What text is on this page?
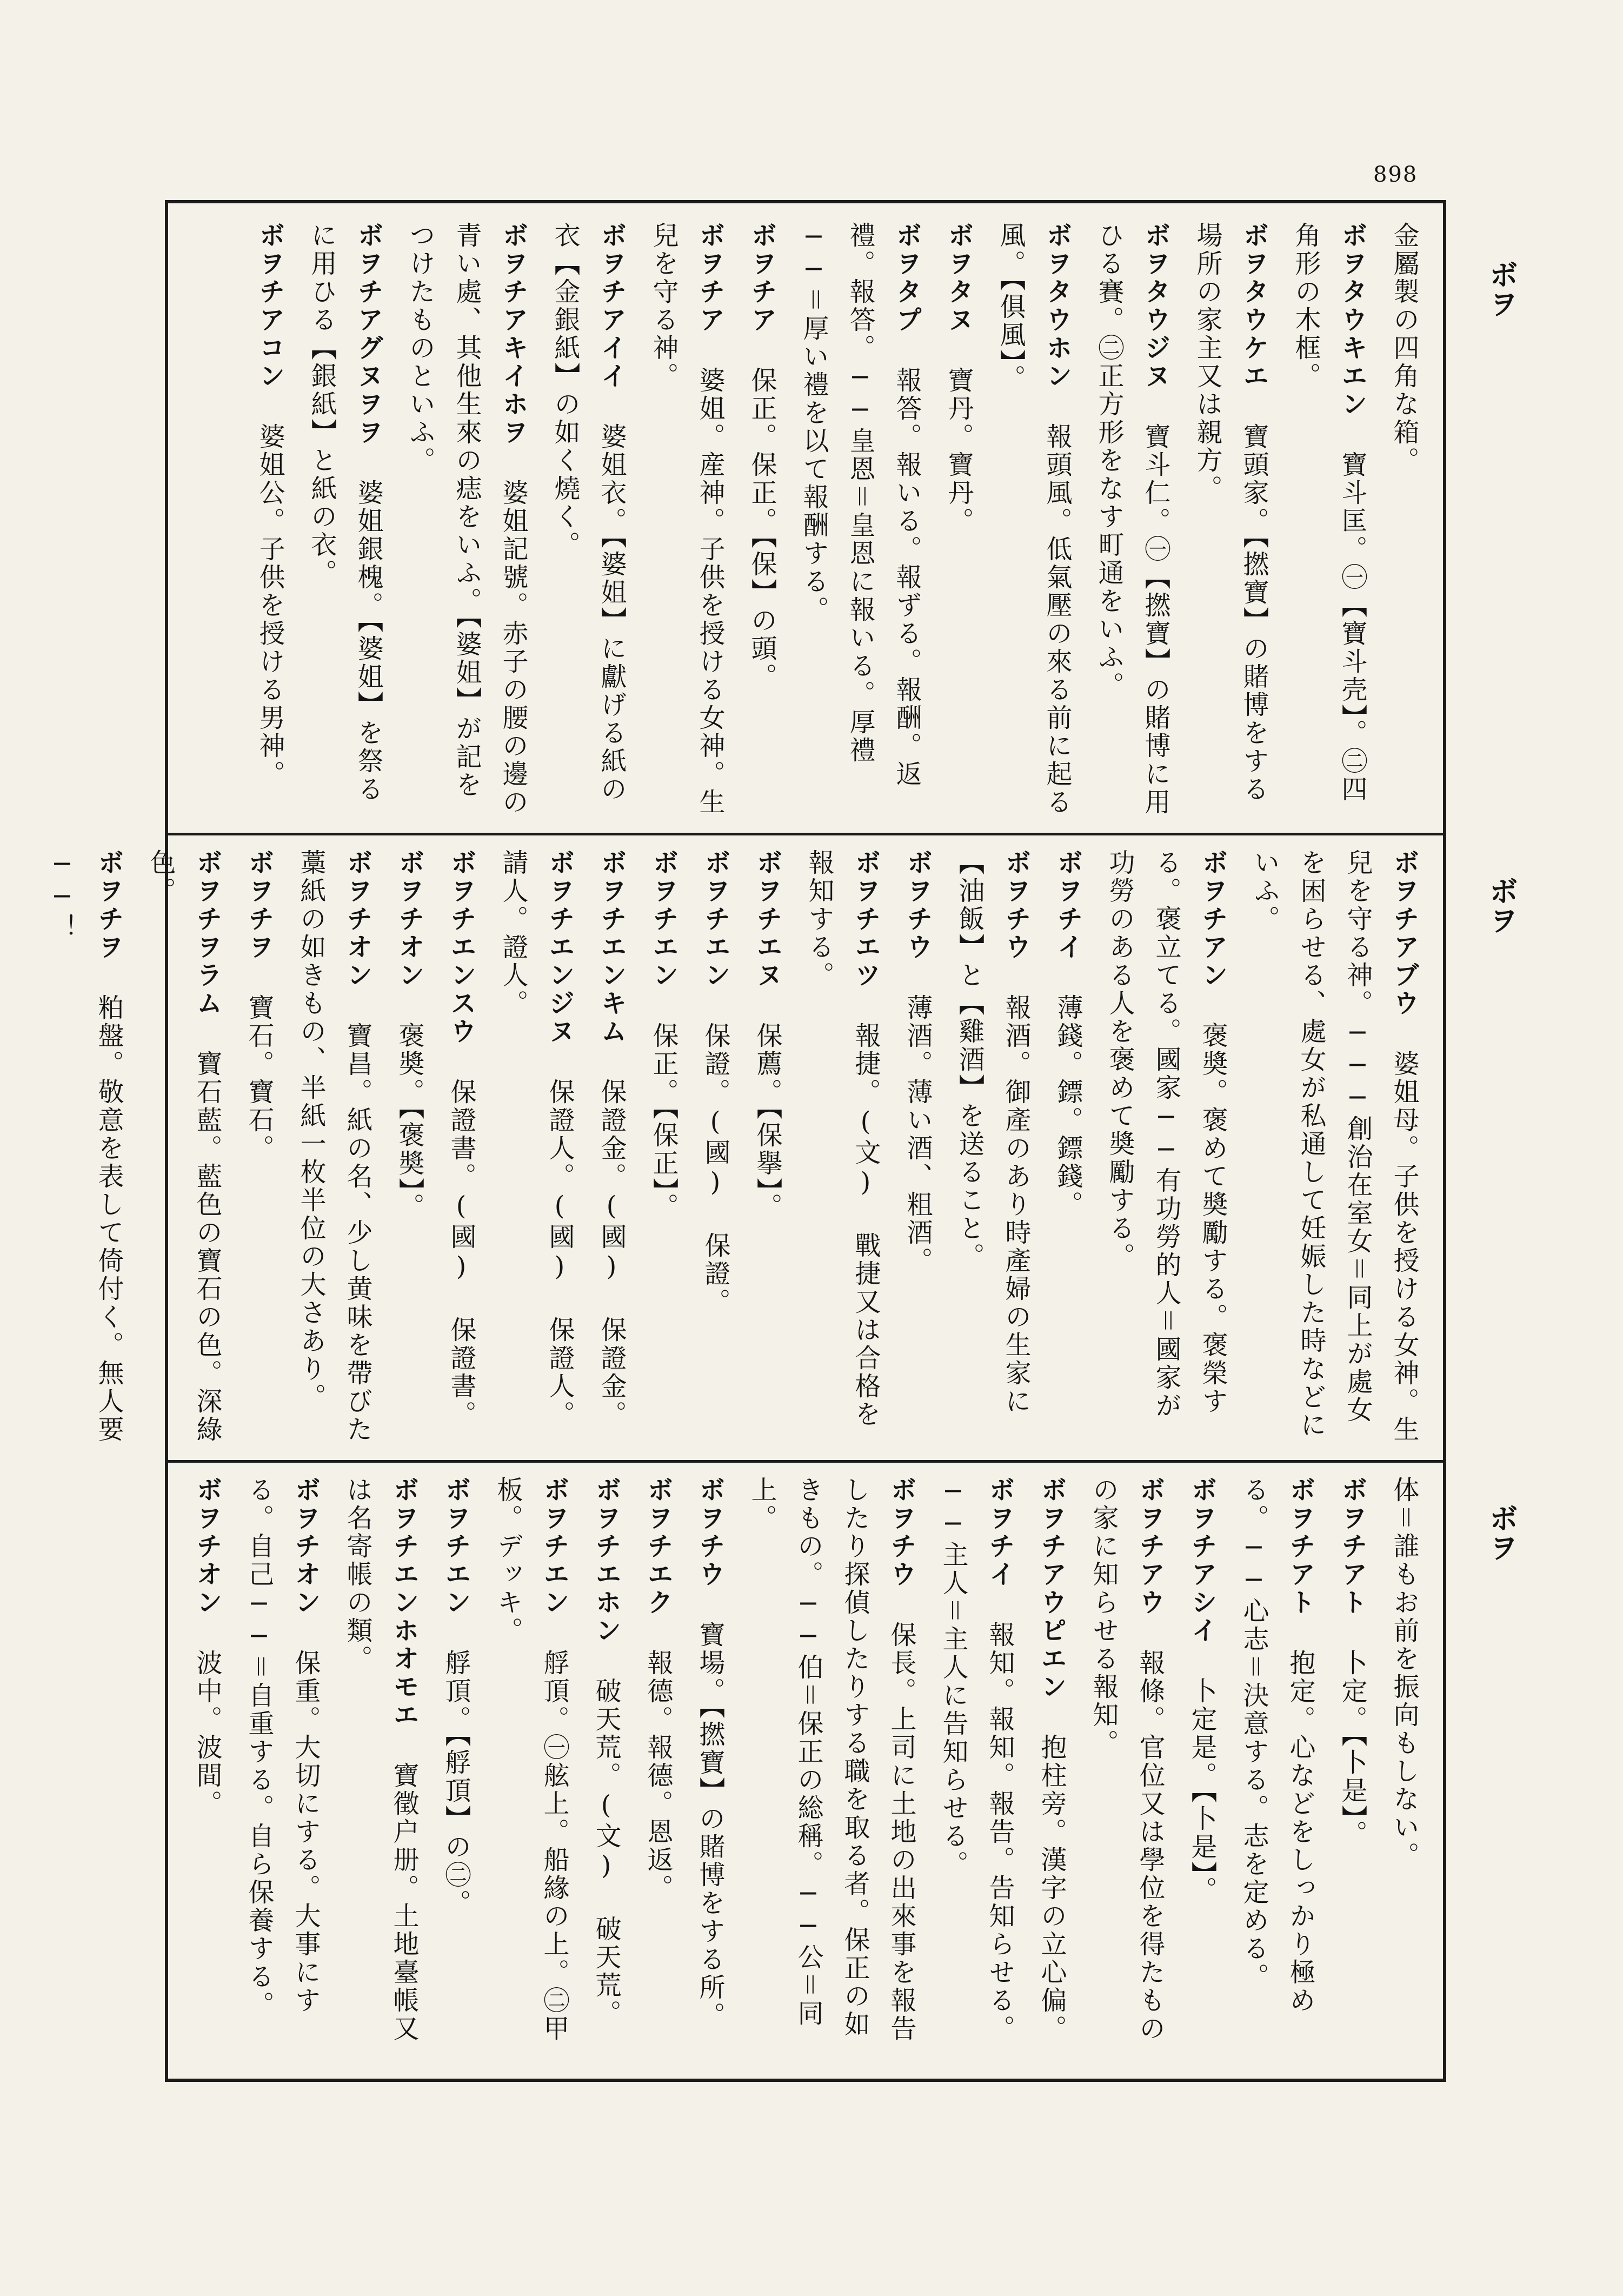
898
ボヲ
ボヲ
ボヲ
金屬製の四角な箱。
ボヲタウキエン 寶斗匡。㊀【寶斗壳】。㊁四角形の木框。
ボヲタウケエ 寶頭家。【撚寶】の賭博をする場所の家主又は親方。
ボヲタウジヌ 寶斗仁。㊀【撚寶】の賭博に用ひる賽。㊁正方形をなす町通をいふ。
ボヲタウホン 報頭風。低氣壓の來る前に起る風。【俱風】。
ボヲタヌ 寶丹。寶丹。
ボヲタプ 報答。報いる。報ずる。報酬。返禮。報答。──皇恩＝皇恩に報いる。厚禮──＝厚い禮を以て報酬する。
ボヲチア 保正。保正。【保】の頭。
ボヲチア 婆姐。産神。子供を授ける女神。生兒を守る神。
ボヲチアイイ 婆姐衣。【婆姐】に獻げる紙の衣【金銀紙】の如く燒く。
ボヲチアキイホヲ 婆姐記號。赤子の腰の邊の青い處、其他生來の痣をいふ。【婆姐】が記をつけたものといふ。
ボヲチアグヌヲヲ 婆姐銀槐。【婆姐】を祭るに用ひる【銀紙】と紙の衣。
ボヲチアコン 婆姐公。子供を授ける男神。
ボヲチアブウ 婆姐母。子供を授ける女神。生兒を守る神。───創治在室女＝同上が處女を困らせる、處女が私通して妊娠した時などにいふ。
ボヲチアン 褒奬。褒めて奬勵する。褒榮する。褒立てる。國家──有功勞的人＝國家が功勞のある人を褒めて奬勵する。
ボヲチイ 薄錢。鏢。鏢錢。
ボヲチウ 報酒。御產のあり時產婦の生家に【油飯】と【雞酒】を送ること。
ボヲチウ 薄酒。薄い酒、粗酒。
ボヲチエツ 報捷。(文) 戰捷又は合格を報知する。
ボヲチエヌ 保薦。【保擧】。
ボヲチエン 保證。(國) 保證。
ボヲチエン 保正。【保正】。
ボヲチエンキム 保證金。(國) 保證金。
ボヲチエンジヌ 保證人。(國) 保證人。請人。證人。
ボヲチエンスウ 保證書。(國) 保證書。
ボヲチオン 褒奬。【褒奬】。
ボヲチオン 寶昌。紙の名、少し黄味を帶びた藁紙の如きもの、半紙一枚半位の大さあり。
ボヲチヲ 寶石。寶石。
ボヲチヲラム 寶石藍。藍色の寶石の色。深綠色。
ボヲチヲ 粕盤。敬意を表して倚付く。無人要──！
体＝誰もお前を振向もしない。
ボヲチアト 卜定。【卜是】。
ボヲチアト 抱定。心などをしっかり極める。──心志＝決意する。志を定める。
ボヲチアシイ 卜定是。【卜是】。
ボヲチアウ 報條。官位又は學位を得たものの家に知らせる報知。
ボヲチアウピエン 抱柱旁。漢字の立心偏。
ボヲチイ 報知。報知。報告。告知らせる。──主人＝主人に告知らせる。
ボヲチウ 保長。上司に土地の出來事を報告したり探偵したりする職を取る者。保正の如きもの。──伯＝保正の総稱。──公＝同上。
ボヲチウ 寶場。【撚寶】の賭博をする所。
ボヲチエク 報德。報德。恩返。
ボヲチエホン 破天荒。(文) 破天荒。
ボヲチエン 艀頂。㊀舷上。船緣の上。㊁甲板。デッキ。
ボヲチエン 艀頂。【艀頂】の㊁。
ボヲチエンホオモエ 寶徵户册。土地臺帳又は名寄帳の類。
ボヲチオン 保重。大切にする。大事にする。自己──＝自重する。自ら保養する。
ボヲチオン 波中。波間。
